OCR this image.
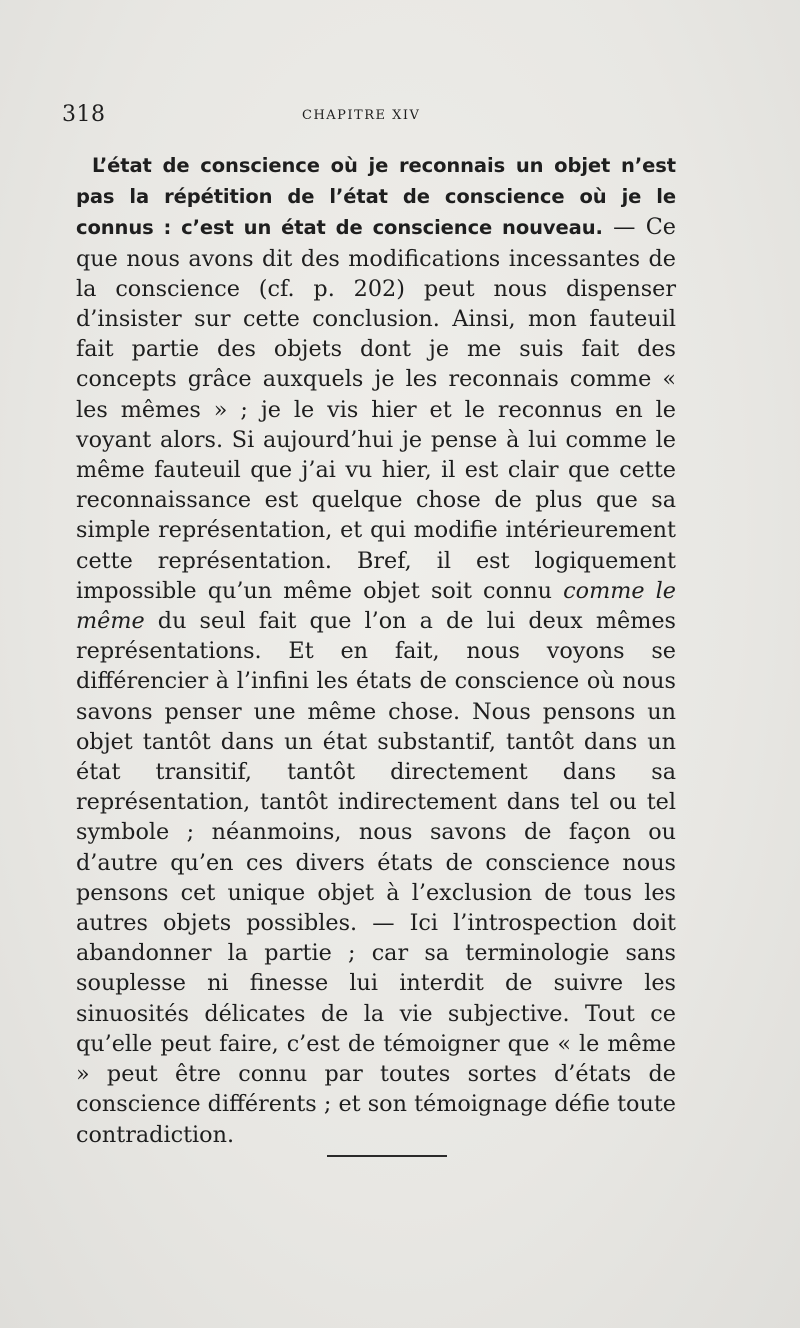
318	CHAPITRE XIV

L’état de conscience où je reconnais un objet n’est pas la répétition de l’état de conscience où je le connus : c’est un état de conscience nouveau. — Ce que nous avons dit des modifications incessantes de la conscience (cf. p. 202) peut nous dispenser d’insister sur cette conclusion. Ainsi, mon fauteuil fait partie des objets dont je me suis fait des concepts grâce auxquels je les reconnais comme « les mêmes » ; je le vis hier et le reconnus en le voyant alors. Si aujourd’hui je pense à lui comme le même fauteuil que j’ai vu hier, il est clair que cette reconnaissance est quelque chose de plus que sa simple représentation, et qui modifie intérieurement cette représentation. Bref, il est logiquement impossible qu’un même objet soit connu comme le même du seul fait que l’on a de lui deux mêmes représentations. Et en fait, nous voyons se différencier à l’infini les états de conscience où nous savons penser une même chose. Nous pensons un objet tantôt dans un état substantif, tantôt dans un état transitif, tantôt directement dans sa représentation, tantôt indirectement dans tel ou tel symbole ; néanmoins, nous savons de façon ou d’autre qu’en ces divers états de conscience nous pensons cet unique objet à l’exclusion de tous les autres objets possibles. — Ici l’introspection doit abandonner la partie ; car sa terminologie sans souplesse ni finesse lui interdit de suivre les sinuosités délicates de la vie subjective. Tout ce qu’elle peut faire, c’est de témoigner que « le même » peut être connu par toutes sortes d’états de conscience différents ; et son témoignage défie toute contradiction.
